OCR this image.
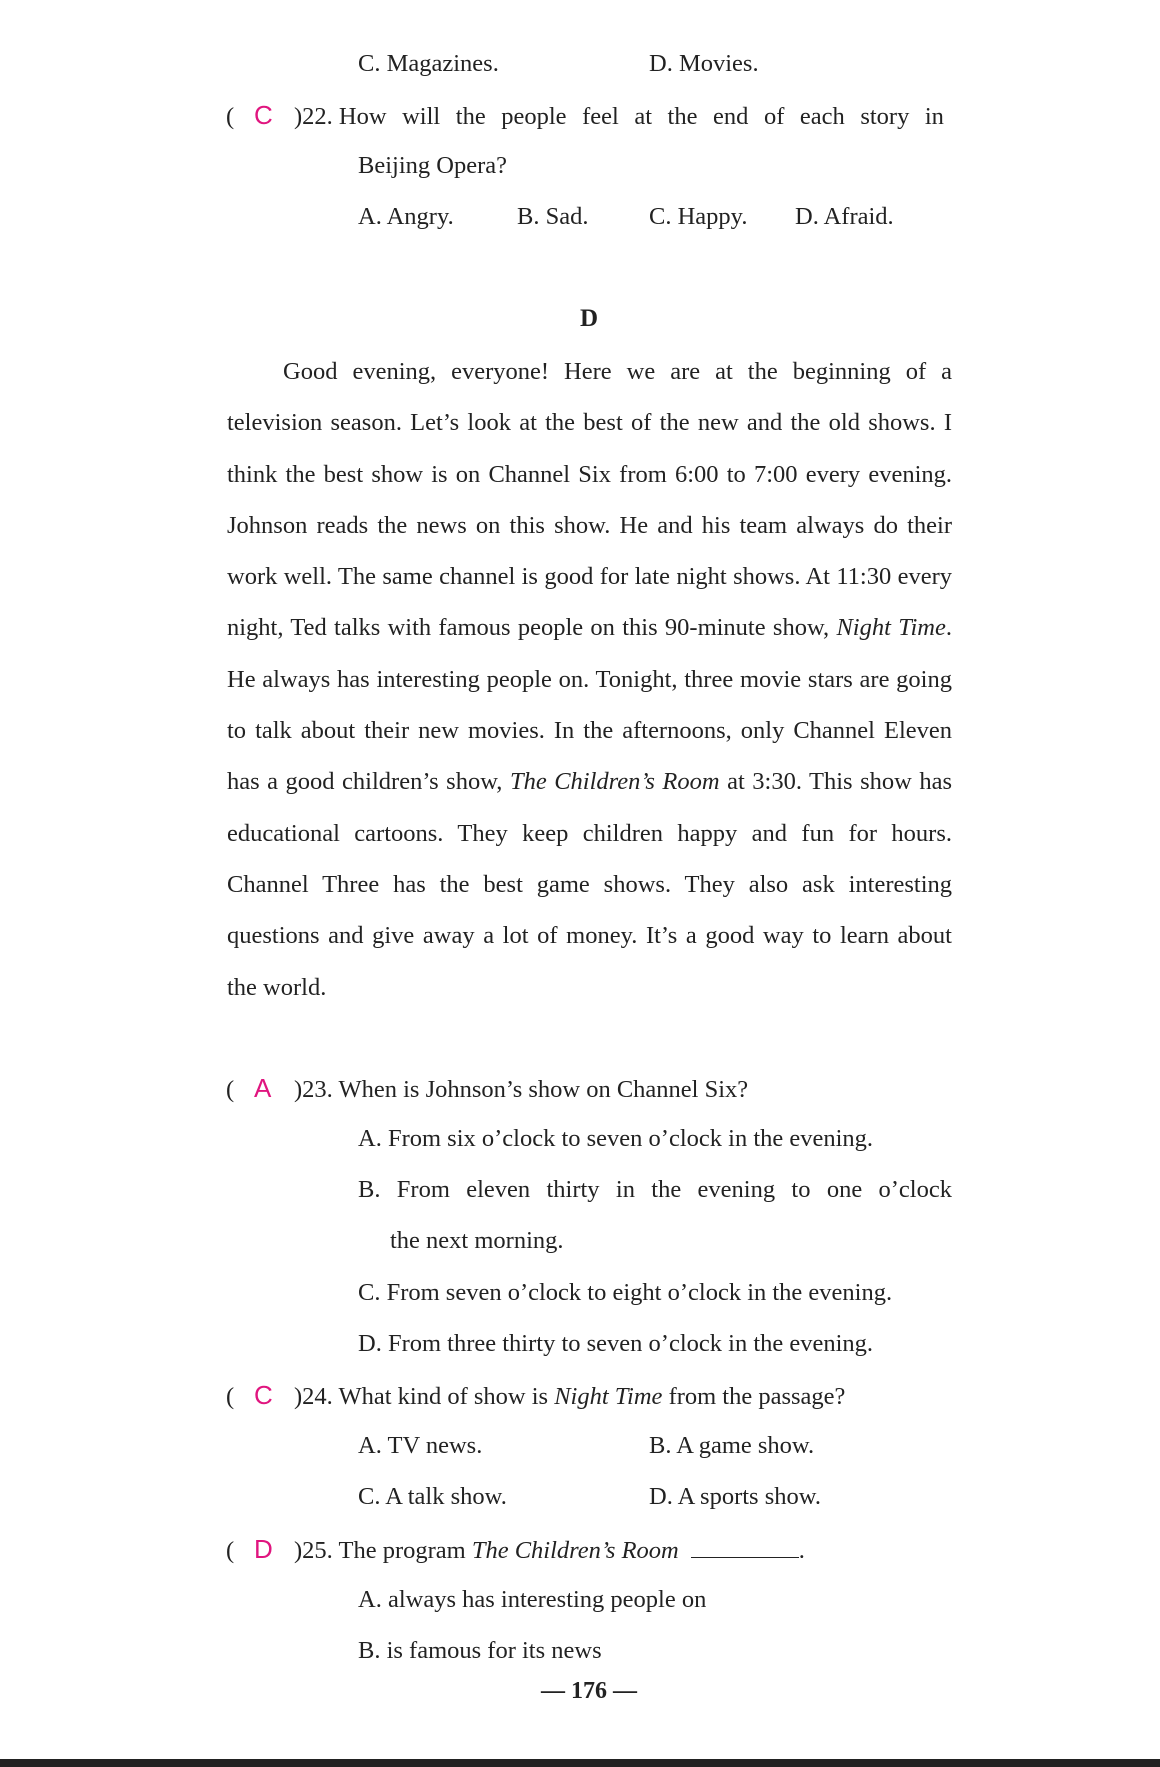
C. Magazines.	D. Movies.
( C )22. How will the people feel at the end of each story in
Beijing Opera?
A. Angry.	B. Sad. C. Happy. D. Afraid.
D

Good evening, everyone! Here we are at the beginning of a television season. Let’s look at the best of the new and the old shows. I think the best show is on Channel Six from 6:00 to 7:00 every evening. Johnson reads the news on this show. He and his team always do their work well. The same channel is good for late night shows. At 11:30 every night, Ted talks with famous people on this 90-minute show, Night Time. He always has interesting people on. Tonight, three movie stars are going to talk about their new movies. In the afternoons, only Channel Eleven has a good children’s show, The Children’s Room at 3:30. This show has educational cartoons. They keep children happy and fun for hours. Channel Three has the best game shows. They also ask interesting questions and give away a lot of money. It’s a good way to learn about the world.

( A )23. When is Johnson’s show on Channel Six?
A. From six o’clock to seven o’clock in the evening.
B. From eleven thirty in the evening to one o’clock
the next morning.
C. From seven o’clock to eight o’clock in the evening.
D. From three thirty to seven o’clock in the evening.
( C )24. What kind of show is Night Time from the passage?
A. TV news.	B. A game show.
C. A talk show.	D. A sports show.
( D )25. The program The Children’s Room	.
A. always has interesting people on
B. is famous for its news
— 176 —
